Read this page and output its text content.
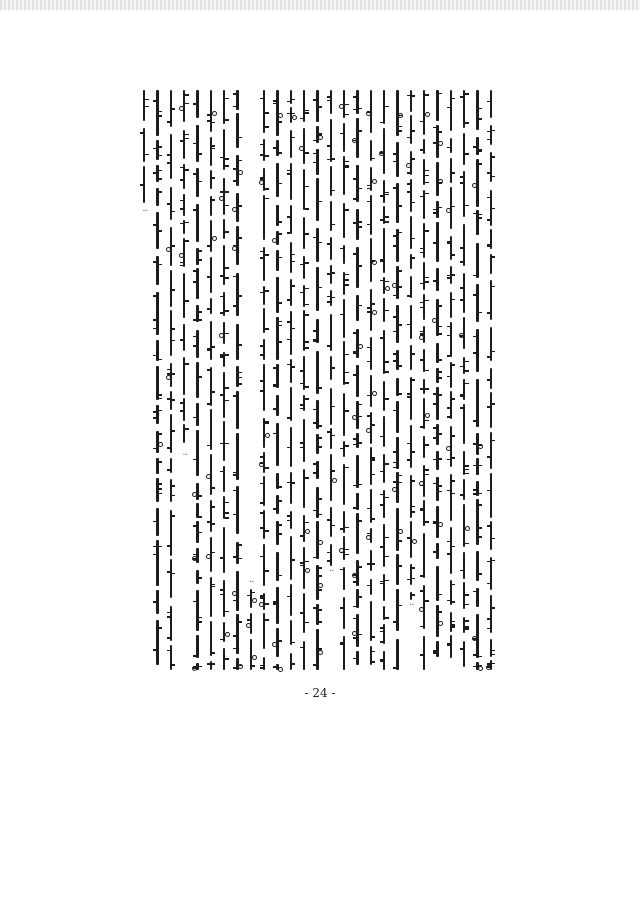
᠃
᠃
᠃
᠃
᠃
- 24 -
